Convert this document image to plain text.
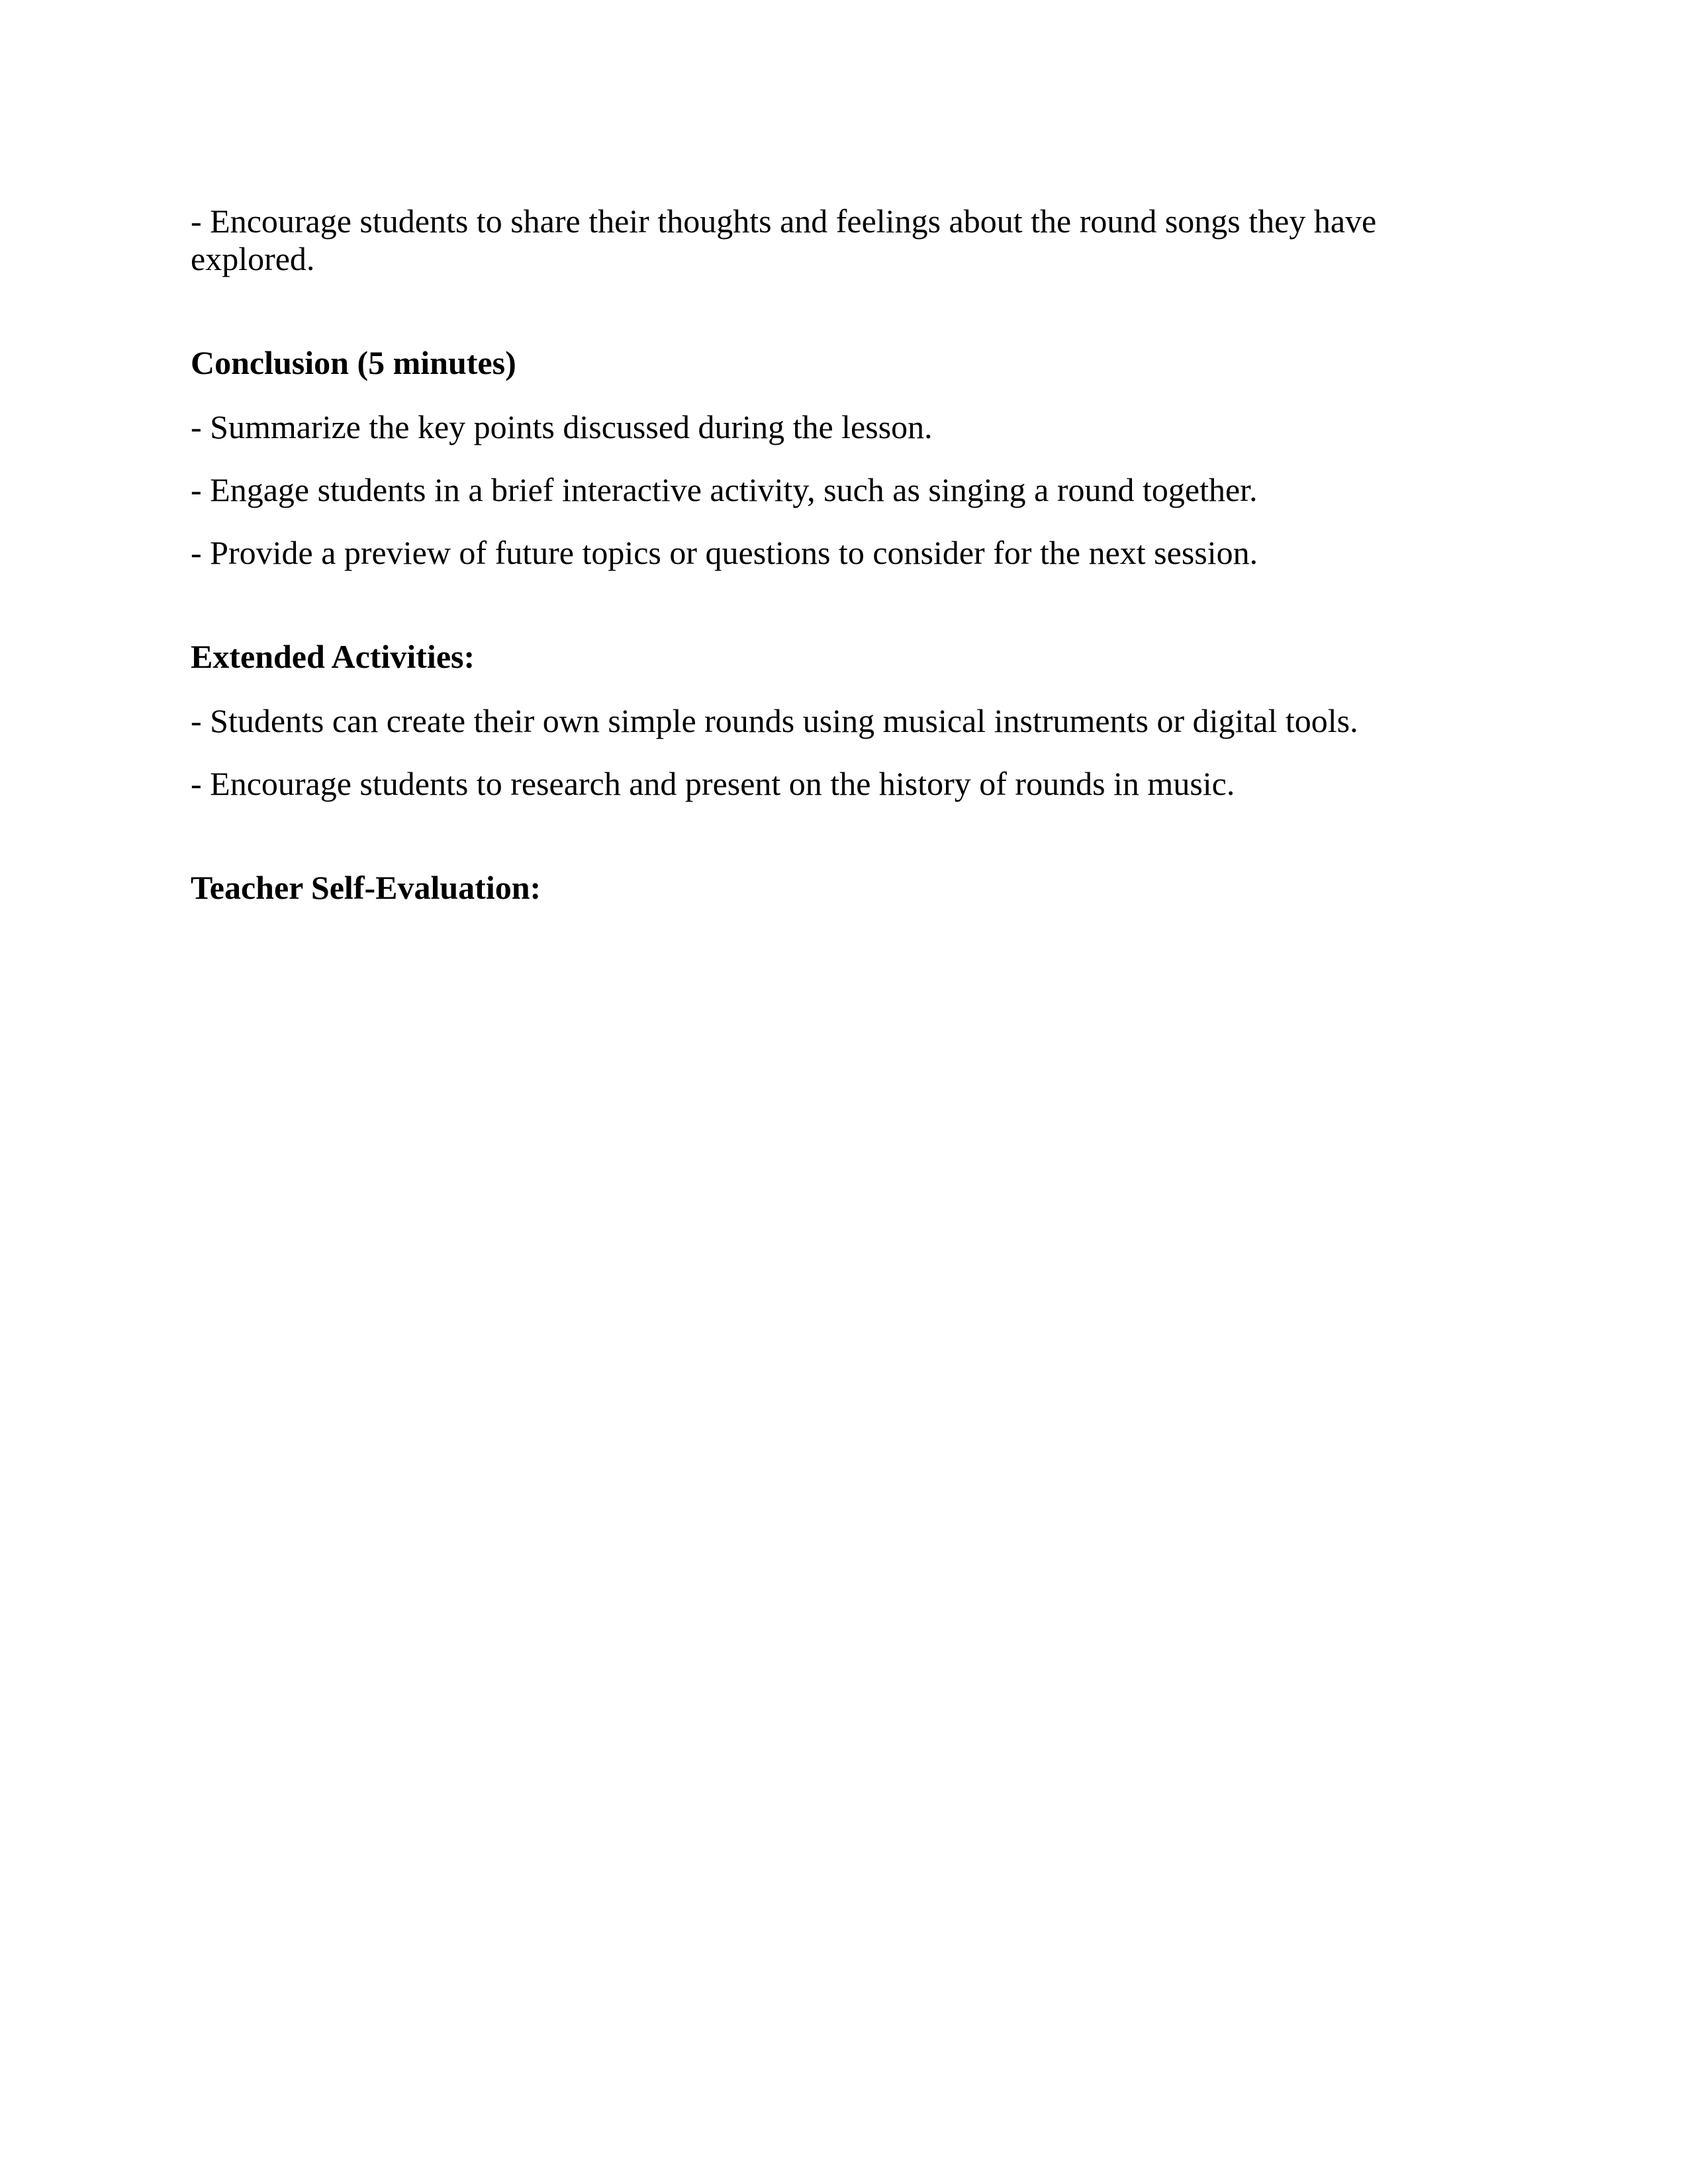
- Encourage students to share their thoughts and feelings about the round songs they have explored.

Conclusion (5 minutes)

- Summarize the key points discussed during the lesson.

- Engage students in a brief interactive activity, such as singing a round together.

- Provide a preview of future topics or questions to consider for the next session.

Extended Activities:

- Students can create their own simple rounds using musical instruments or digital tools.

- Encourage students to research and present on the history of rounds in music.

Teacher Self-Evaluation:
